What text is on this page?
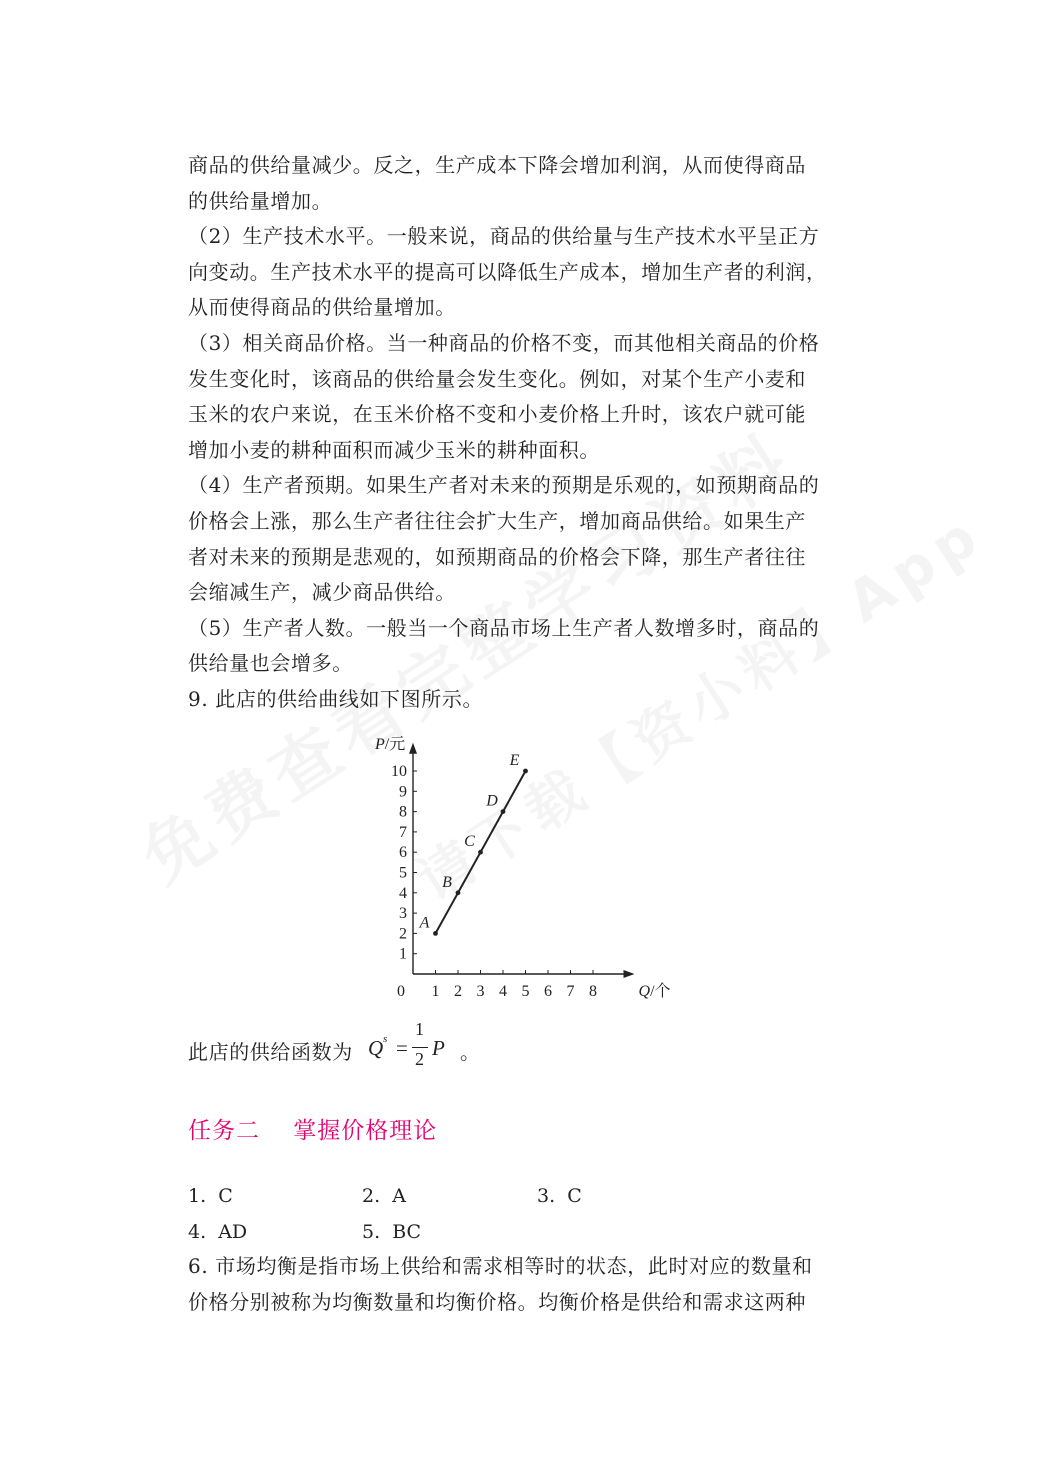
商品的供给量减少。反之，生产成本下降会增加利润，从而使得商品
的供给量增加。
（2）生产技术水平。一般来说，商品的供给量与生产技术水平呈正方
向变动。生产技术水平的提高可以降低生产成本，增加生产者的利润，
从而使得商品的供给量增加。
（3）相关商品价格。当一种商品的价格不变，而其他相关商品的价格
发生变化时，该商品的供给量会发生变化。例如，对某个生产小麦和
玉米的农户来说，在玉米价格不变和小麦价格上升时，该农户就可能
增加小麦的耕种面积而减少玉米的耕种面积。
（4）生产者预期。如果生产者对未来的预期是乐观的，如预期商品的
价格会上涨，那么生产者往往会扩大生产，增加商品供给。如果生产
者对未来的预期是悲观的，如预期商品的价格会下降，那生产者往往
会缩减生产，减少商品供给。
（5）生产者人数。一般当一个商品市场上生产者人数增多时，商品的
供给量也会增多。
9. 此店的供给曲线如下图所示。
1 2 3 4 5 6 7 8
1
2
3
4
5
6
7
8
9
10
0	Q/个
P/元
A
B
C
D
E
此店的供给函数为 Q s =
1
2 P 。
任务二    掌握价格理论
1.  C	2.  A	3.  C
4.  AD	5.  BC
6. 市场均衡是指市场上供给和需求相等时的状态，此时对应的数量和
价格分别被称为均衡数量和均衡价格。均衡价格是供给和需求这两种
